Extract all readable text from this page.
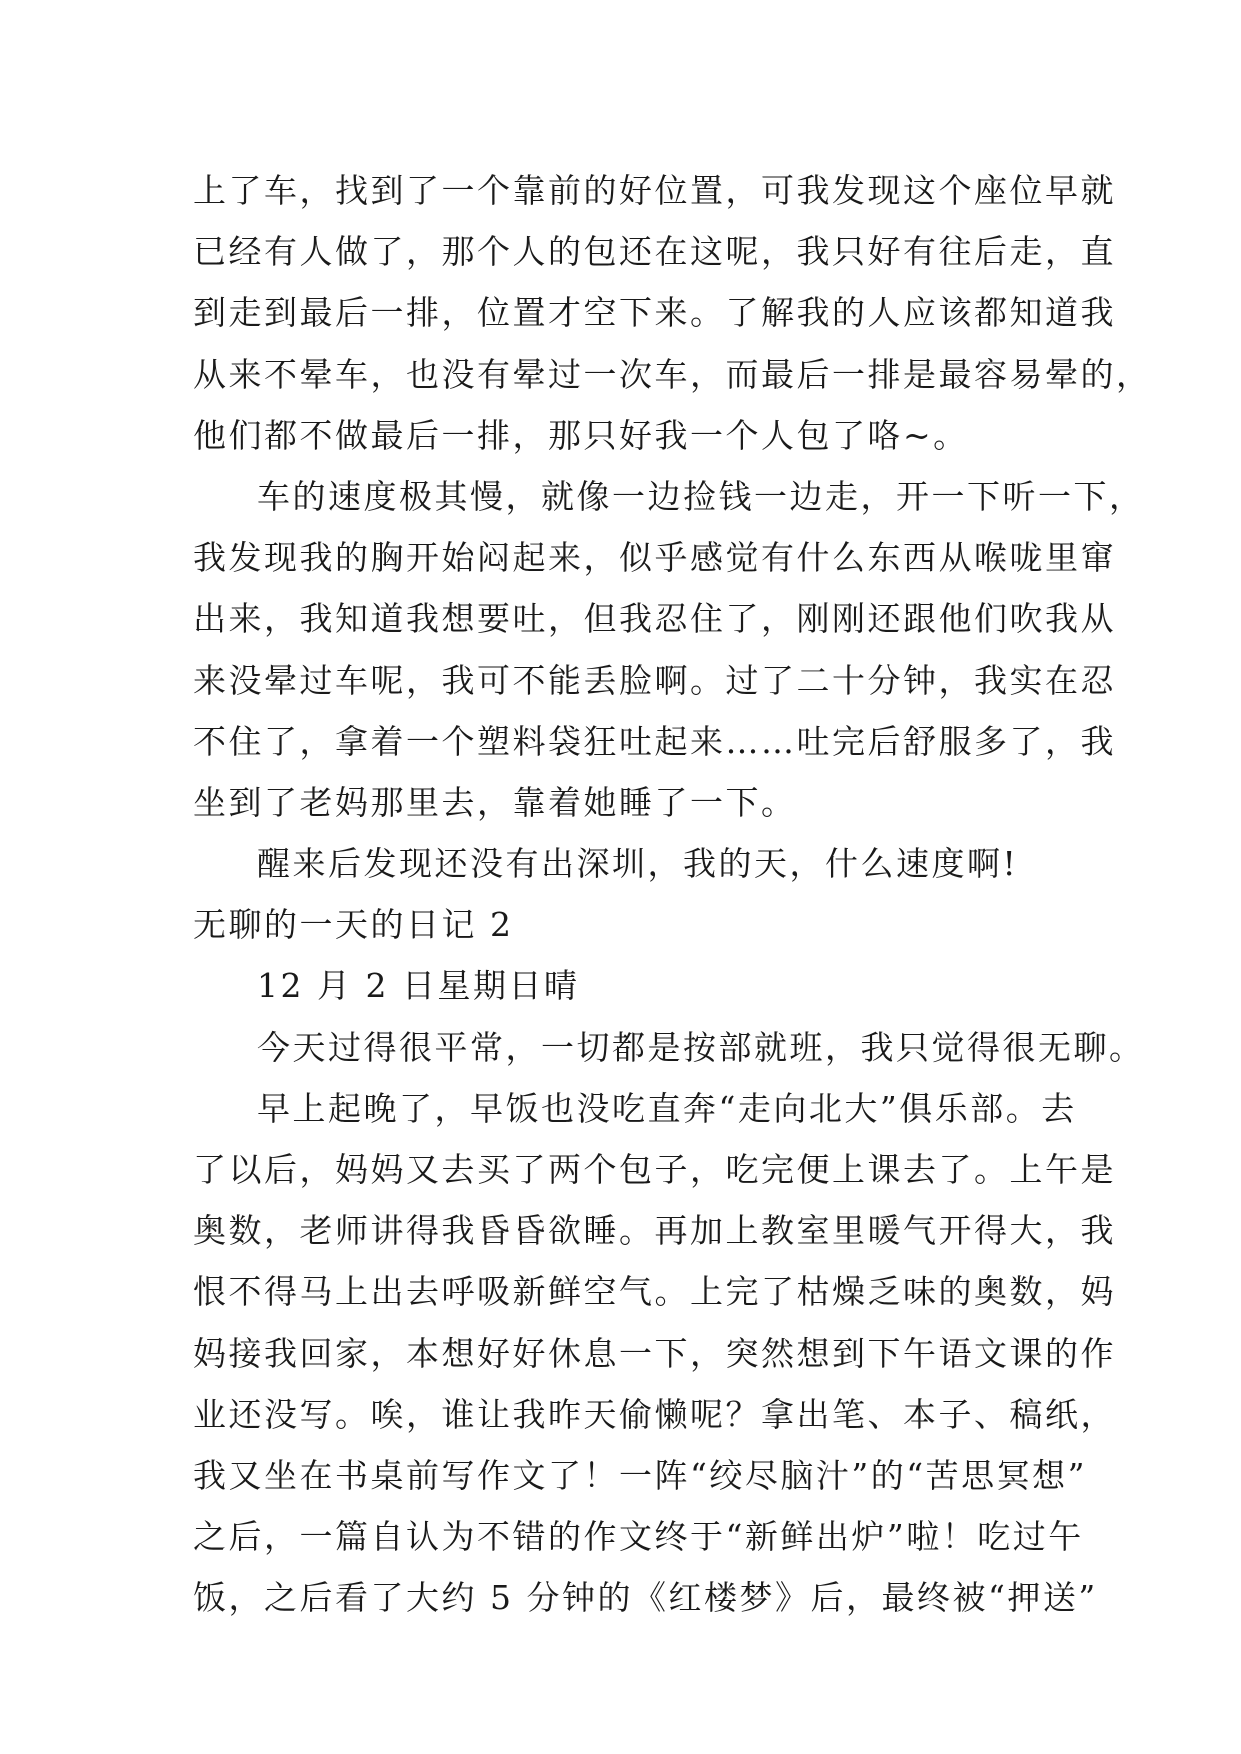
上了车，找到了一个靠前的好位置，可我发现这个座位早就
已经有人做了，那个人的包还在这呢，我只好有往后走，直
到走到最后一排，位置才空下来。了解我的人应该都知道我
从来不晕车，也没有晕过一次车，而最后一排是最容易晕的，
他们都不做最后一排，那只好我一个人包了咯~。
车的速度极其慢，就像一边捡钱一边走，开一下听一下，
我发现我的胸开始闷起来，似乎感觉有什么东西从喉咙里窜
出来，我知道我想要吐，但我忍住了，刚刚还跟他们吹我从
来没晕过车呢，我可不能丢脸啊。过了二十分钟，我实在忍
不住了，拿着一个塑料袋狂吐起来……吐完后舒服多了，我
坐到了老妈那里去，靠着她睡了一下。
醒来后发现还没有出深圳，我的天，什么速度啊!
无聊的一天的日记 2
12 月 2 日星期日晴
今天过得很平常，一切都是按部就班，我只觉得很无聊。
早上起晚了，早饭也没吃直奔“走向北大”俱乐部。去
了以后，妈妈又去买了两个包子，吃完便上课去了。上午是
奥数，老师讲得我昏昏欲睡。再加上教室里暖气开得大，我
恨不得马上出去呼吸新鲜空气。上完了枯燥乏味的奥数，妈
妈接我回家，本想好好休息一下，突然想到下午语文课的作
业还没写。唉，谁让我昨天偷懒呢？拿出笔、本子、稿纸，
我又坐在书桌前写作文了！一阵“绞尽脑汁”的“苦思冥想”
之后，一篇自认为不错的作文终于“新鲜出炉”啦！吃过午
饭，之后看了大约 5 分钟的《红楼梦》后，最终被“押送”
